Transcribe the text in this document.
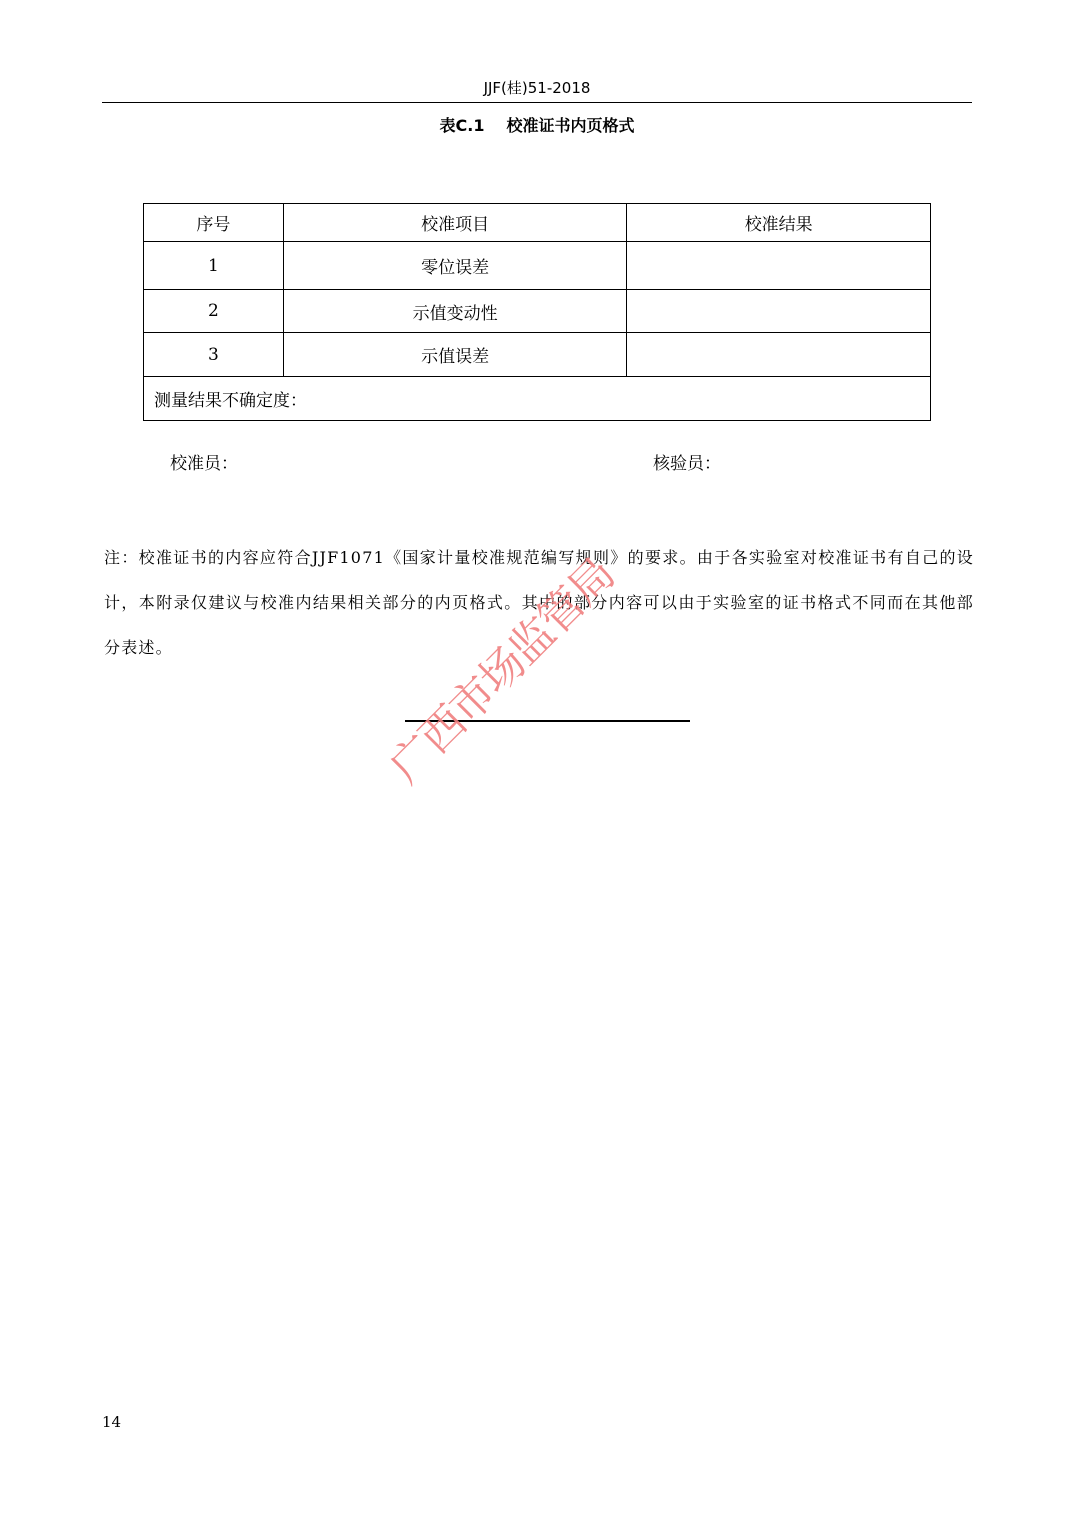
JJF(桂)51-2018
表C.1 校准证书内页格式
序号	校准项目	校准结果
1	零位误差	
2	示值变动性	
3	示值误差	
测量结果不确定度：		
校准员：	核验员：
注：校准证书的内容应符合JJF1071《国家计量校准规范编写规则》的要求。由于各实验室对校准证书有自己的设计，本附录仅建议与校准内结果相关部分的内页格式。其中的部分内容可以由于实验室的证书格式不同而在其他部分表述。	广西市场监管局
14
